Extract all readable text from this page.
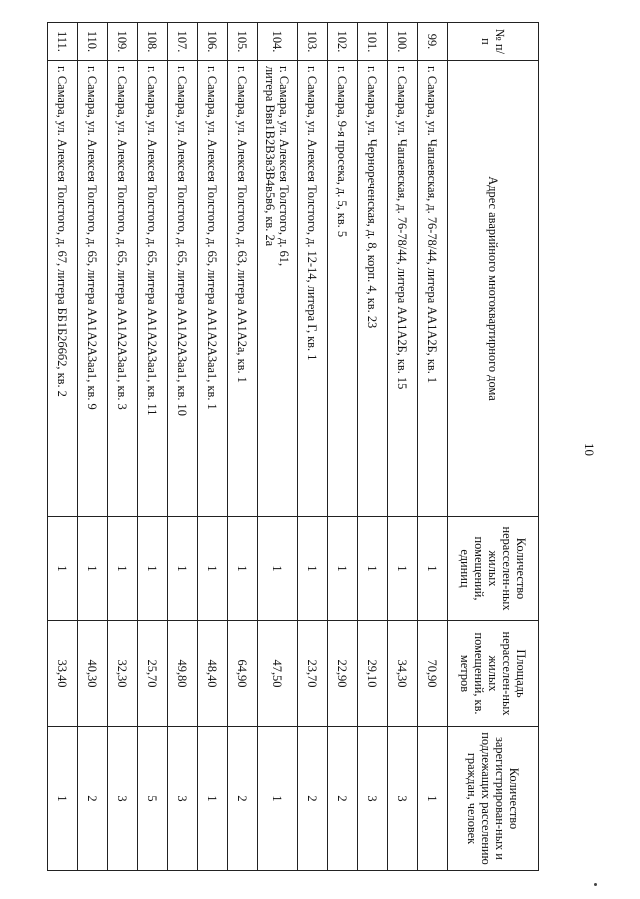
10
№ п/п	Адрес аварийного многоквартирного дома	Количество нерасселен-ных жилых помещений, единиц	Площадь нерасселен-ных жилых помещений, кв. метров	Количество зарегистрирован-ных и подлежащих расселению граждан, человек
99.	г. Самара, ул. Чапаевская, д. 76-78/44, литера АА1А2Б, кв. 1	1	70,90	1
100.	г. Самара, ул. Чапаевская, д. 76-78/44, литера АА1А2Б, кв. 15	1	34,30	3
101.	г. Самара, ул. Чернореченская, д. 8, корп. 4, кв. 23	1	29,10	3
102.	г. Самара, 9-я просека, д. 5, кв. 5	1	22,90	2
103.	г. Самара, ул. Алексея Толстого, д. 12-14, литера Г, кв. 1	1	23,70	2
104.	г. Самара, ул. Алексея Толстого, д. 61,
литера Ввв1В2В3в3В4в5в6, кв. 2а	1	47,50	1
105.	г. Самара, ул. Алексея Толстого, д. 63, литера АА1А2а, кв. 1	1	64,90	2
106.	г. Самара, ул. Алексея Толстого, д. 65, литера АА1А2А3аа1, кв. 1	1	48,40	1
107.	г. Самара, ул. Алексея Толстого, д. 65, литера АА1А2А3аа1, кв. 10	1	49,80	3
108.	г. Самара, ул. Алексея Толстого, д. 65, литера АА1А2А3аа1, кв. 11	1	25,70	5
109.	г. Самара, ул. Алексея Толстого, д. 65, литера АА1А2А3аа1, кв. 3	1	32,30	3
110.	г. Самара, ул. Алексея Толстого, д. 65, литера АА1А2А3аа1, кв. 9	1	40,30	2
111.	г. Самара, ул. Алексея Толстого, д. 67, литера ББ1Б2б6б2, кв. 2	1	33,40	1
